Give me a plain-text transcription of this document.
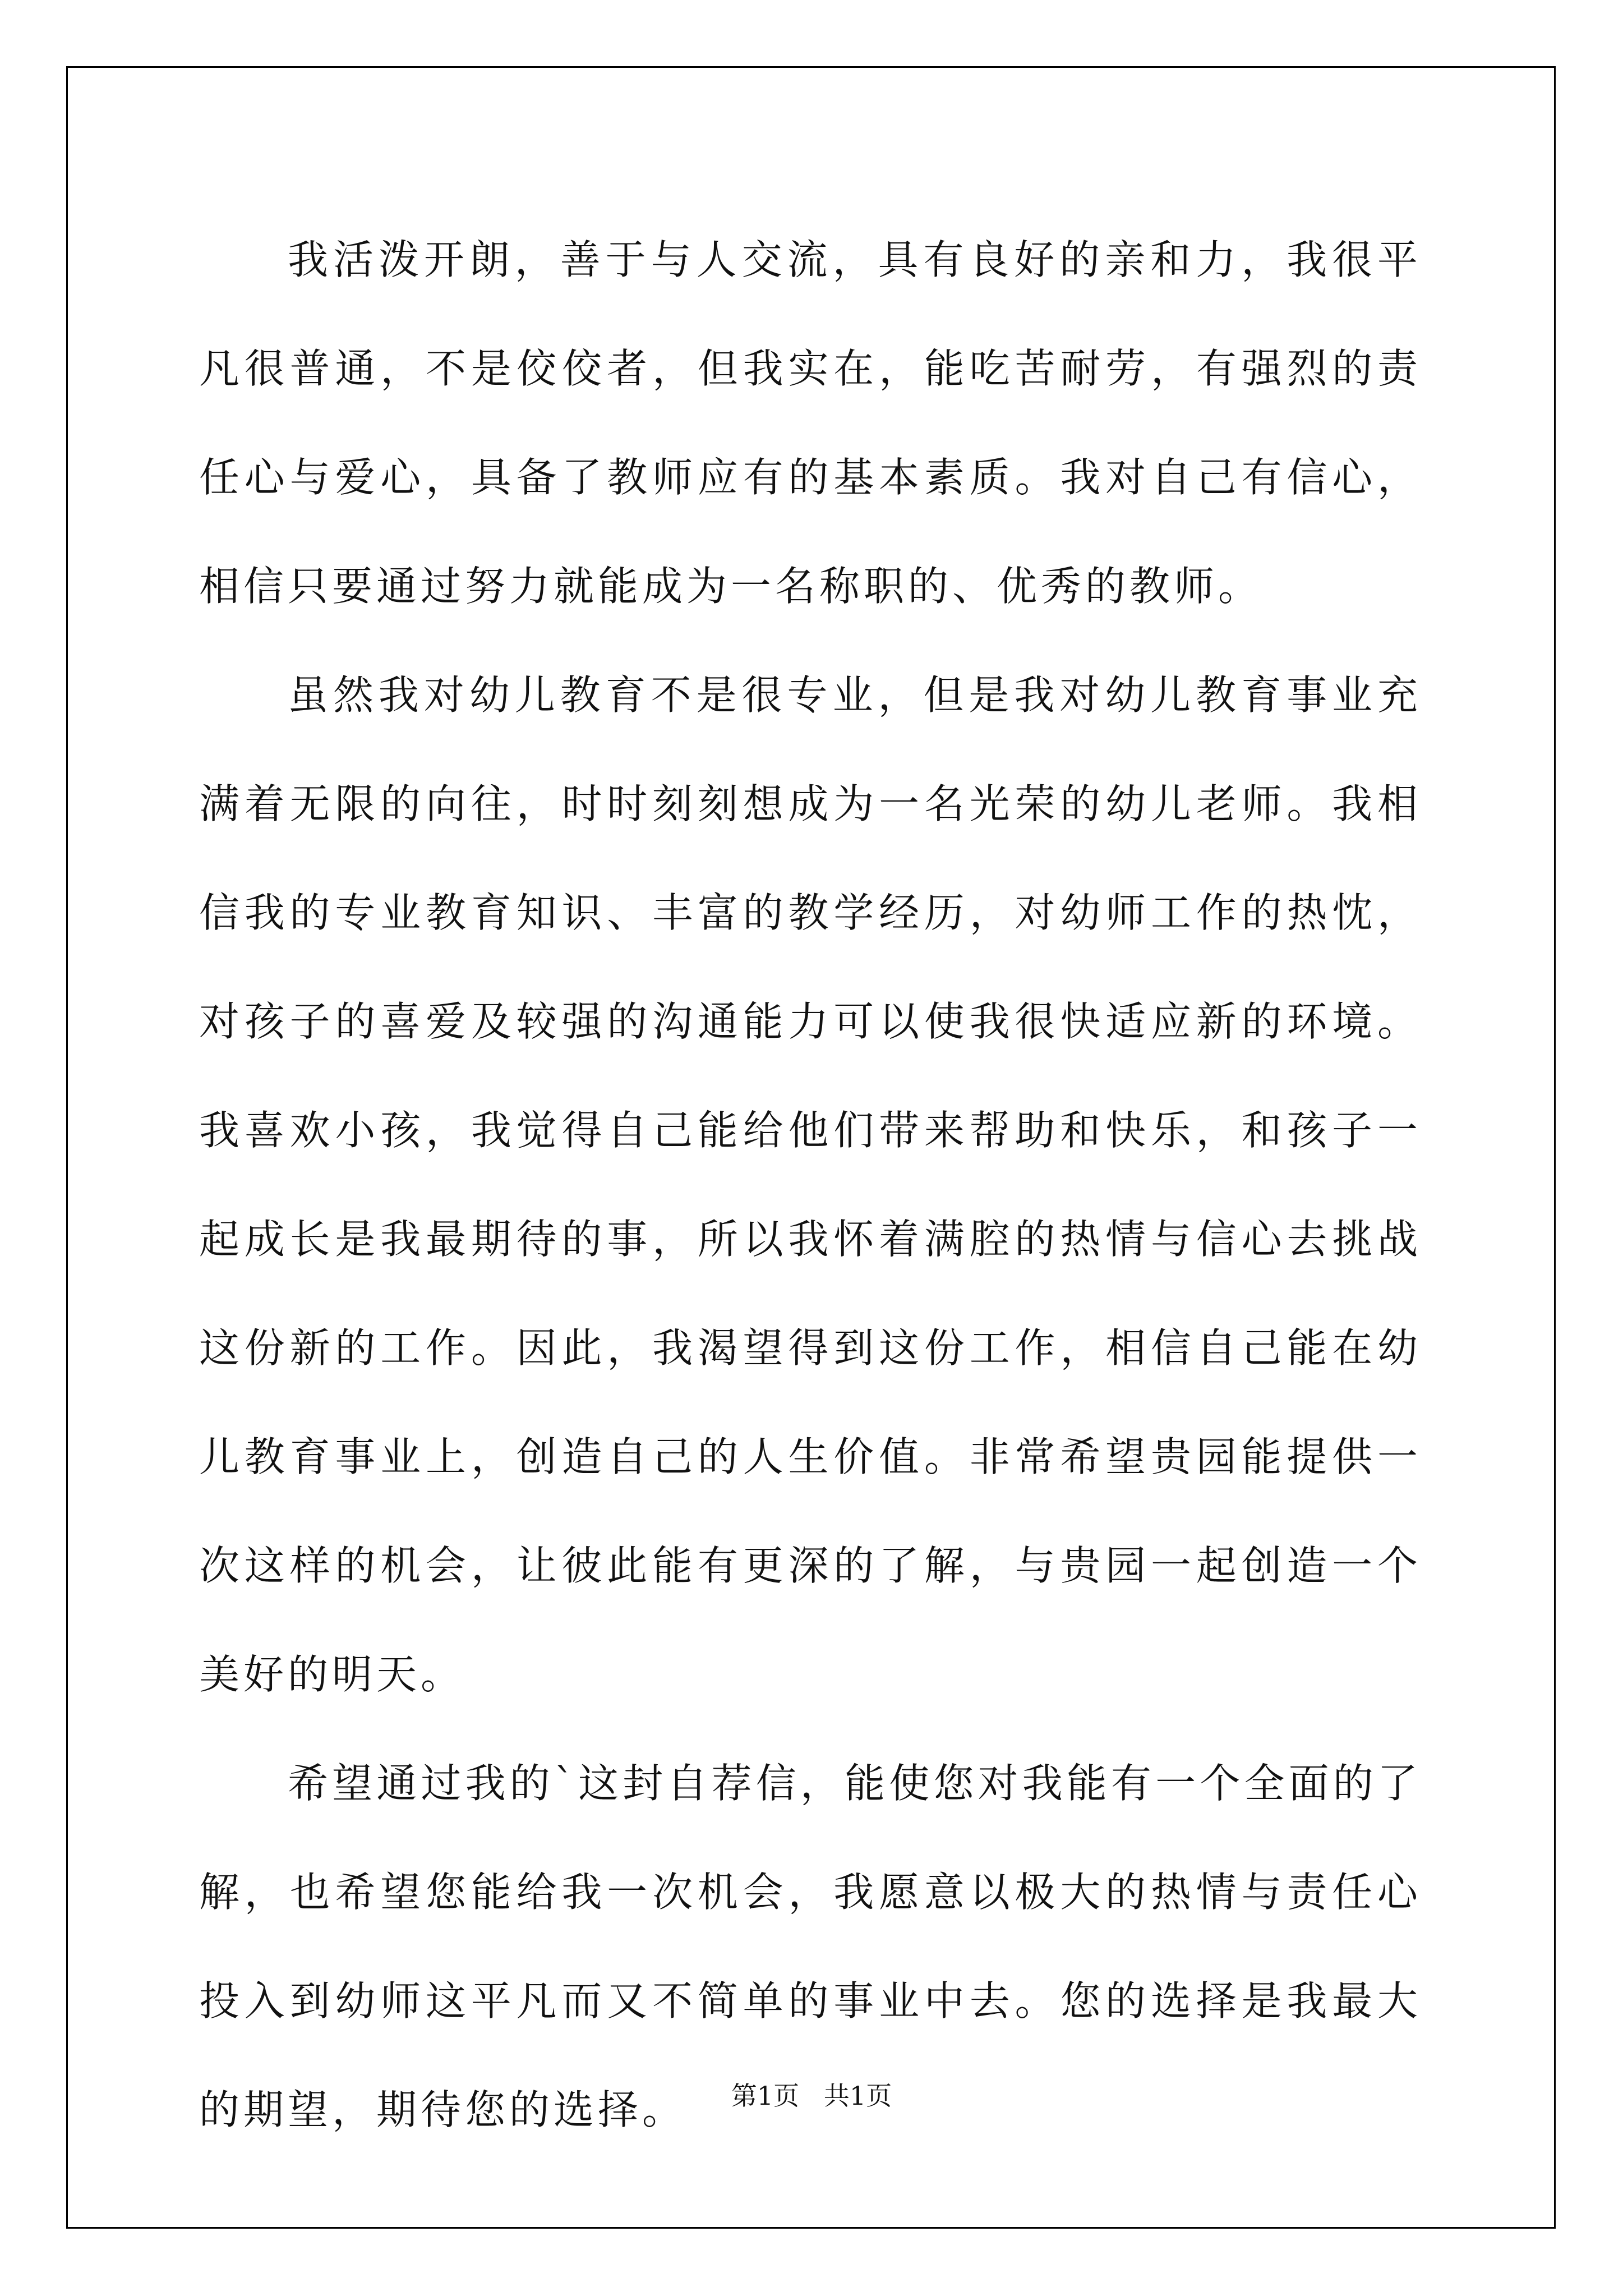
我活泼开朗，善于与人交流，具有良好的亲和力，我很平凡很普通，不是佼佼者，但我实在，能吃苦耐劳，有强烈的责任心与爱心，具备了教师应有的基本素质。我对自己有信心，相信只要通过努力就能成为一名称职的、优秀的教师。

虽然我对幼儿教育不是很专业，但是我对幼儿教育事业充满着无限的向往，时时刻刻想成为一名光荣的幼儿老师。我相信我的专业教育知识、丰富的教学经历，对幼师工作的热忱，对孩子的喜爱及较强的沟通能力可以使我很快适应新的环境。我喜欢小孩，我觉得自己能给他们带来帮助和快乐，和孩子一起成长是我最期待的事，所以我怀着满腔的热情与信心去挑战这份新的工作。因此，我渴望得到这份工作，相信自己能在幼儿教育事业上，创造自己的人生价值。非常希望贵园能提供一次这样的机会，让彼此能有更深的了解，与贵园一起创造一个美好的明天。

希望通过我的`这封自荐信，能使您对我能有一个全面的了解，也希望您能给我一次机会，我愿意以极大的热情与责任心投入到幼师这平凡而又不简单的事业中去。您的选择是我最大的期望，期待您的选择。	第1页   共1页
